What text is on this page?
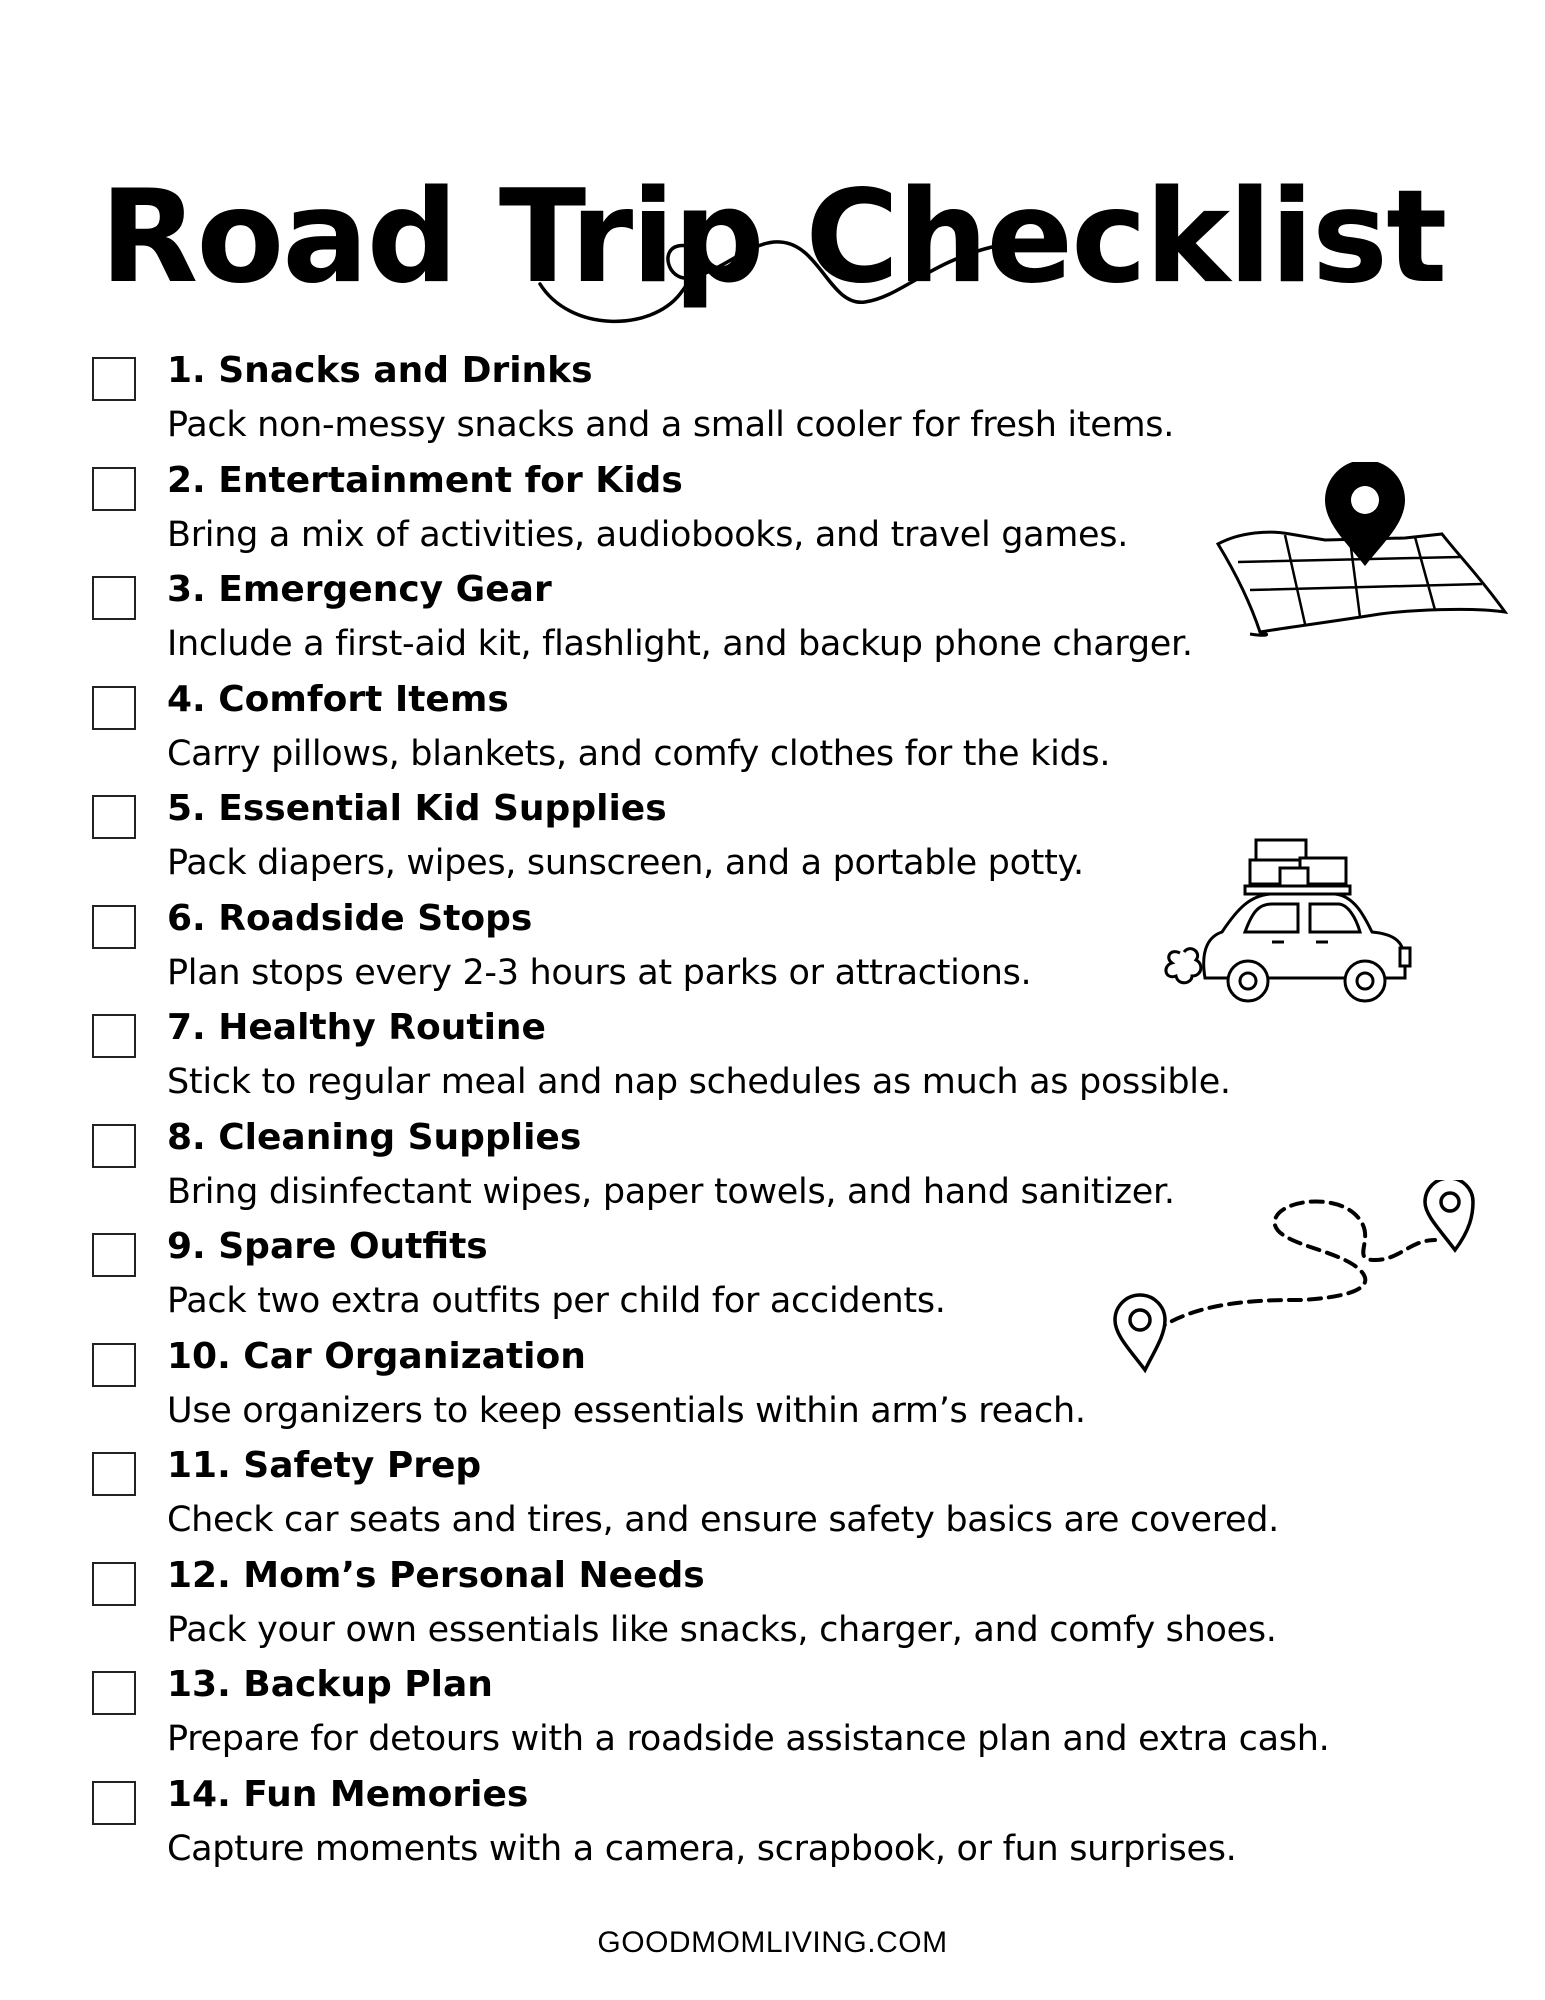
Road Trip Checklist
1. Snacks and Drinks
Pack non-messy snacks and a small cooler for fresh items.
2. Entertainment for Kids
Bring a mix of activities, audiobooks, and travel games.
3. Emergency Gear
Include a first-aid kit, flashlight, and backup phone charger.
4. Comfort Items
Carry pillows, blankets, and comfy clothes for the kids.
5. Essential Kid Supplies
Pack diapers, wipes, sunscreen, and a portable potty.
6. Roadside Stops
Plan stops every 2-3 hours at parks or attractions.
7. Healthy Routine
Stick to regular meal and nap schedules as much as possible.
8. Cleaning Supplies
Bring disinfectant wipes, paper towels, and hand sanitizer.
9. Spare Outfits
Pack two extra outfits per child for accidents.
10. Car Organization
Use organizers to keep essentials within arm’s reach.
11. Safety Prep
Check car seats and tires, and ensure safety basics are covered.
12. Mom’s Personal Needs
Pack your own essentials like snacks, charger, and comfy shoes.
13. Backup Plan
Prepare for detours with a roadside assistance plan and extra cash.
14. Fun Memories
Capture moments with a camera, scrapbook, or fun surprises.
GOODMOMLIVING.COM
